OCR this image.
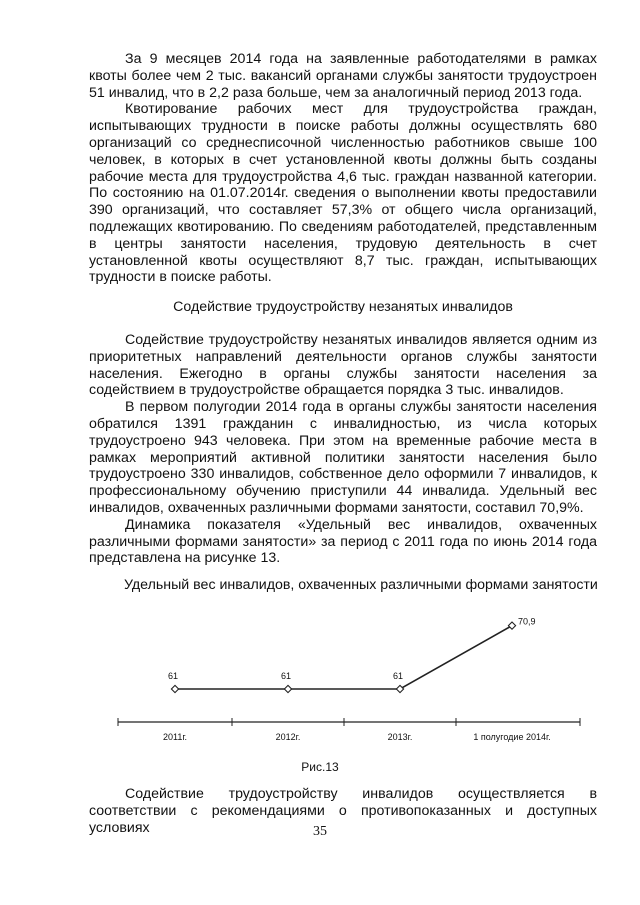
За 9 месяцев 2014 года на заявленные работодателями в рамках квоты более чем 2 тыс. вакансий органами службы занятости трудоустроен 51 инвалид, что в 2,2 раза больше, чем за аналогичный период 2013 года.

Квотирование рабочих мест для трудоустройства граждан, испытывающих трудности в поиске работы должны осуществлять 680 организаций со среднесписочной численностью работников свыше 100 человек, в которых в счет установленной квоты должны быть созданы рабочие места для трудоустройства 4,6 тыс. граждан названной категории. По состоянию на 01.07.2014г. сведения о выполнении квоты предоставили 390 организаций, что составляет 57,3% от общего числа организаций, подлежащих квотированию. По сведениям работодателей, представленным в центры занятости населения, трудовую деятельность в счет установленной квоты осуществляют 8,7 тыс. граждан, испытывающих трудности в поиске работы.

Содействие трудоустройству незанятых инвалидов

Содействие трудоустройству незанятых инвалидов является одним из приоритетных направлений деятельности органов службы занятости населения. Ежегодно в органы службы занятости населения за содействием в трудоустройстве обращается порядка 3 тыс. инвалидов.

В первом полугодии 2014 года в органы службы занятости населения обратился 1391 гражданин с инвалидностью, из числа которых трудоустроено 943 человека. При этом на временные рабочие места в рамках мероприятий активной политики занятости населения было трудоустроено 330 инвалидов, собственное дело оформили 7 инвалидов, к профессиональному обучению приступили 44 инвалида. Удельный вес инвалидов, охваченных различными формами занятости, составил 70,9%.

Динамика показателя «Удельный вес инвалидов, охваченных различными формами занятости» за период с 2011 года по июнь 2014 года представлена на рисунке 13.

Удельный вес инвалидов, охваченных различными формами занятости
61	61	61
70,9
2011г.	2012г.	2013г.	1 полугодие 2014г.
Рис.13

Содействие трудоустройству инвалидов осуществляется в соответствии с рекомендациями о противопоказанных и доступных условиях	35
